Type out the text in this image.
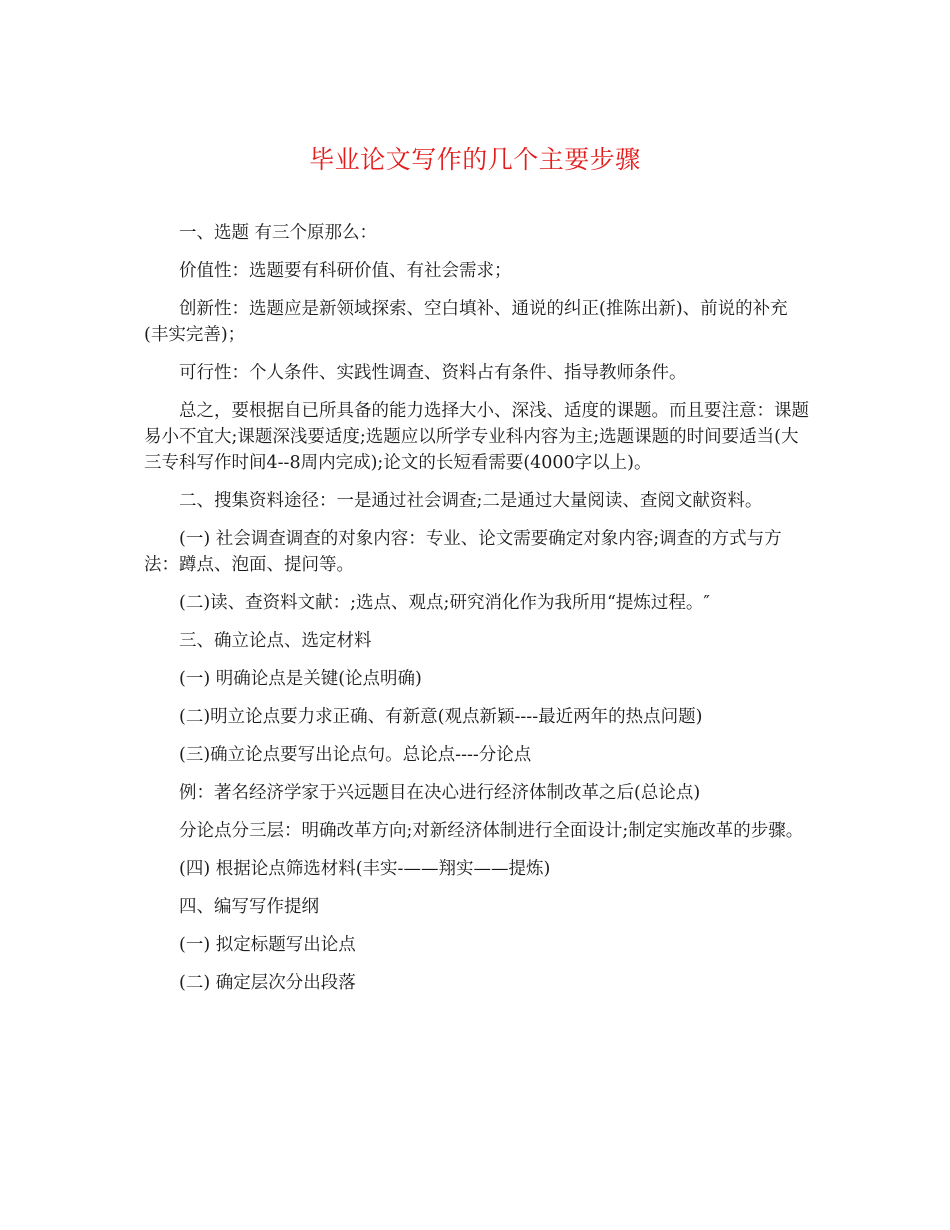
毕业论文写作的几个主要步骤

一、选题 有三个原那么：

价值性：选题要有科研价值、有社会需求；

创新性：选题应是新领域探索、空白填补、通说的纠正(推陈出新)、前说的补充(丰实完善)；

可行性：个人条件、实践性调查、资料占有条件、指导教师条件。

总之，要根据自已所具备的能力选择大小、深浅、适度的课题。而且要注意：课题易小不宜大;课题深浅要适度;选题应以所学专业科内容为主;选题课题的时间要适当(大三专科写作时间4--8周内完成);论文的长短看需要(4000字以上)。

二、搜集资料途径：一是通过社会调查;二是通过大量阅读、查阅文献资料。

(一) 社会调查调查的对象内容：专业、论文需要确定对象内容;调查的方式与方法：蹲点、泡面、提问等。

(二)读、查资料文献：;选点、观点;研究消化作为我所用“提炼过程。″

三、确立论点、选定材料

(一) 明确论点是关键(论点明确)

(二)明立论点要力求正确、有新意(观点新颖----最近两年的热点问题)

(三)确立论点要写出论点句。总论点----分论点

例：著名经济学家于兴远题目在决心进行经济体制改革之后(总论点)

分论点分三层：明确改革方向;对新经济体制进行全面设计;制定实施改革的步骤。

(四) 根据论点筛选材料(丰实-——翔实——提炼)

四、编写写作提纲

(一) 拟定标题写出论点

(二) 确定层次分出段落
